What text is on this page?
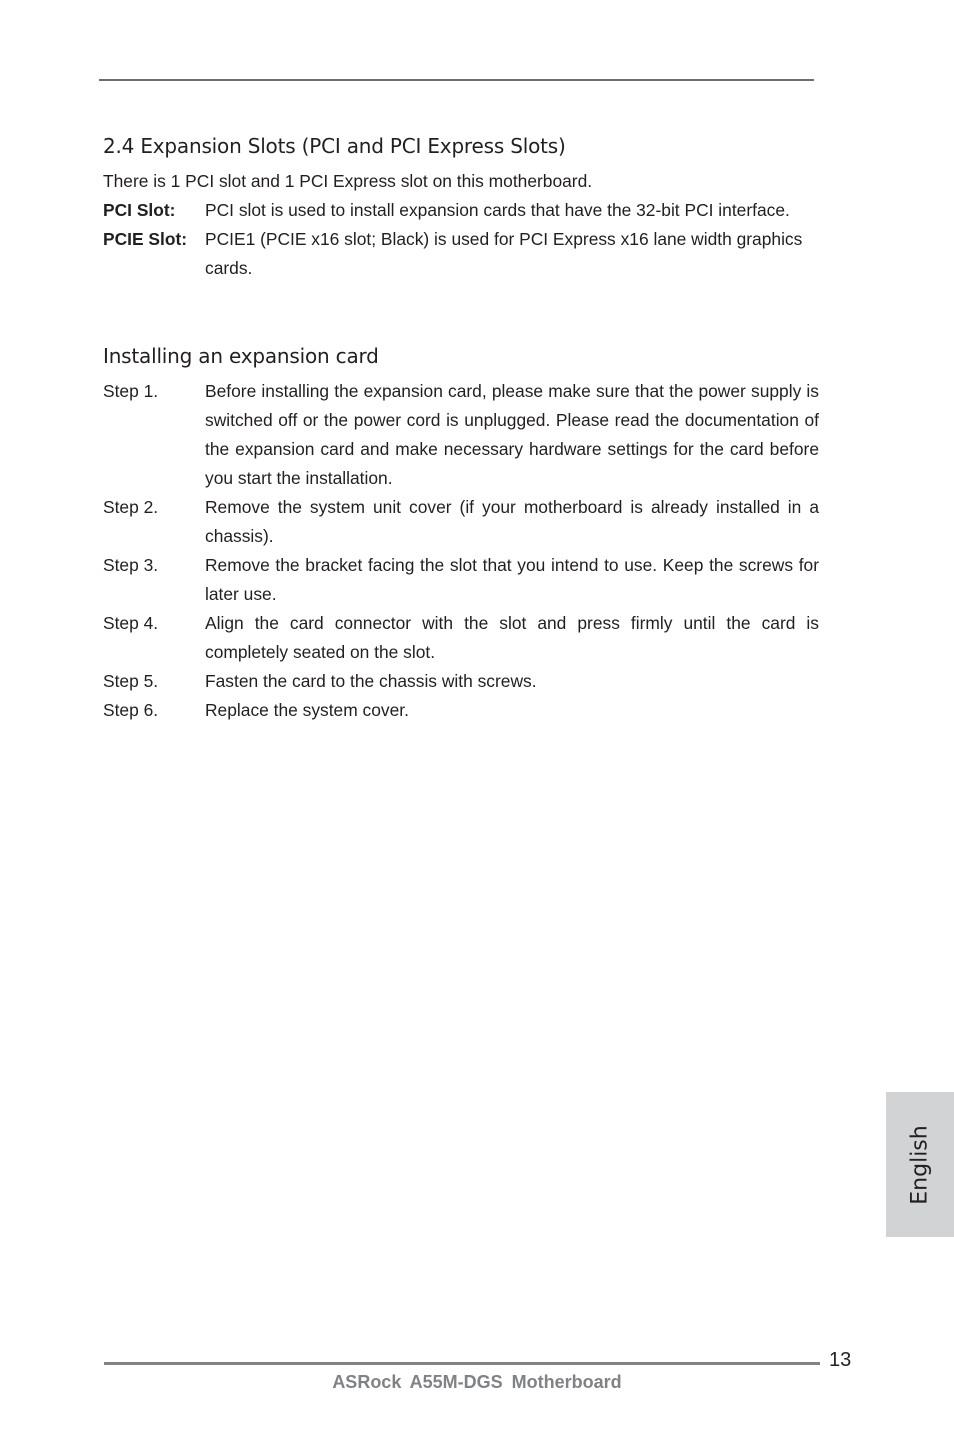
2.4 Expansion Slots (PCI and PCI Express Slots)
There is 1 PCI slot and 1 PCI Express slot on this motherboard.
PCI Slot:	PCI slot is used to install expansion cards that have the 32-bit PCI interface.
PCIE Slot:	PCIE1 (PCIE x16 slot; Black) is used for PCI Express x16 lane width graphics cards.
Installing an expansion card
Step 1.	Before installing the expansion card, please make sure that the power supply is switched off or the power cord is unplugged. Please read the documentation of the expansion card and make necessary hardware settings for the card before you start the installation.
Step 2.	Remove the system unit cover (if your motherboard is already installed in a chassis).
Step 3.	Remove the bracket facing the slot that you intend to use. Keep the screws for later use.
Step 4.	Align the card connector with the slot and press firmly until the card is completely seated on the slot.
Step 5.	Fasten the card to the chassis with screws.
Step 6.	Replace the system cover.
English
13
ASRock A55M-DGS Motherboard
